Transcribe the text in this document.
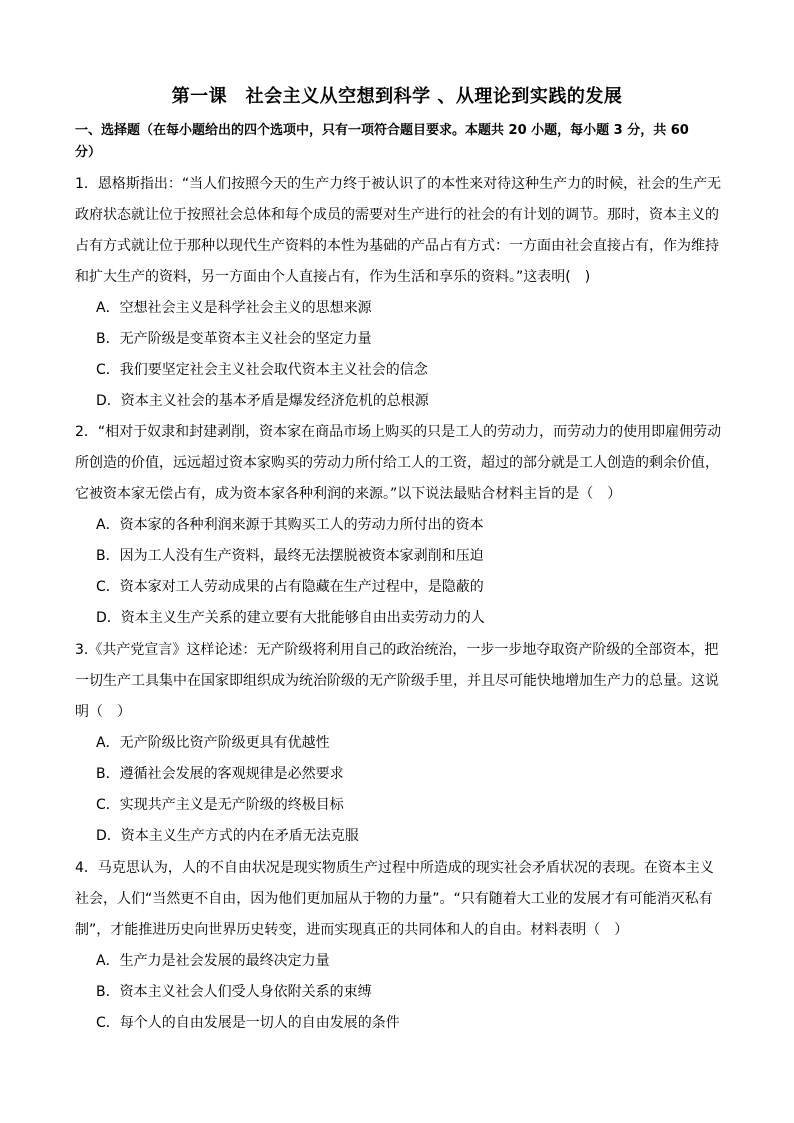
第一课　社会主义从空想到科学 、从理论到实践的发展
一、选择题（在每小题给出的四个选项中，只有一项符合题目要求。本题共 20 小题，每小题 3 分，共 60
分）
1．恩格斯指出：“当人们按照今天的生产力终于被认识了的本性来对待这种生产力的时候，社会的生产无
政府状态就让位于按照社会总体和每个成员的需要对生产进行的社会的有计划的调节。那时，资本主义的
占有方式就让位于那种以现代生产资料的本性为基础的产品占有方式：一方面由社会直接占有，作为维持
和扩大生产的资料，另一方面由个人直接占有，作为生活和享乐的资料。”这表明(　)
A．空想社会主义是科学社会主义的思想来源
B．无产阶级是变革资本主义社会的坚定力量
C．我们要坚定社会主义社会取代资本主义社会的信念
D．资本主义社会的基本矛盾是爆发经济危机的总根源
2．“相对于奴隶和封建剥削，资本家在商品市场上购买的只是工人的劳动力，而劳动力的使用即雇佣劳动
所创造的价值，远远超过资本家购买的劳动力所付给工人的工资，超过的部分就是工人创造的剩余价值，
它被资本家无偿占有，成为资本家各种利润的来源。”以下说法最贴合材料主旨的是（　）
A．资本家的各种利润来源于其购买工人的劳动力所付出的资本
B．因为工人没有生产资料，最终无法摆脱被资本家剥削和压迫
C．资本家对工人劳动成果的占有隐藏在生产过程中，是隐蔽的
D．资本主义生产关系的建立要有大批能够自由出卖劳动力的人
3.《共产党宣言》这样论述：无产阶级将利用自己的政治统治，一步一步地夺取资产阶级的全部资本，把
一切生产工具集中在国家即组织成为统治阶级的无产阶级手里，并且尽可能快地增加生产力的总量。这说
明（　）
A．无产阶级比资产阶级更具有优越性
B．遵循社会发展的客观规律是必然要求
C．实现共产主义是无产阶级的终极目标
D．资本主义生产方式的内在矛盾无法克服
4．马克思认为，人的不自由状况是现实物质生产过程中所造成的现实社会矛盾状况的表现。在资本主义
社会，人们“当然更不自由，因为他们更加屈从于物的力量”。“只有随着大工业的发展才有可能消灭私有
制”，才能推进历史向世界历史转变，进而实现真正的共同体和人的自由。材料表明（　）
A．生产力是社会发展的最终决定力量
B．资本主义社会人们受人身依附关系的束缚
C．每个人的自由发展是一切人的自由发展的条件
